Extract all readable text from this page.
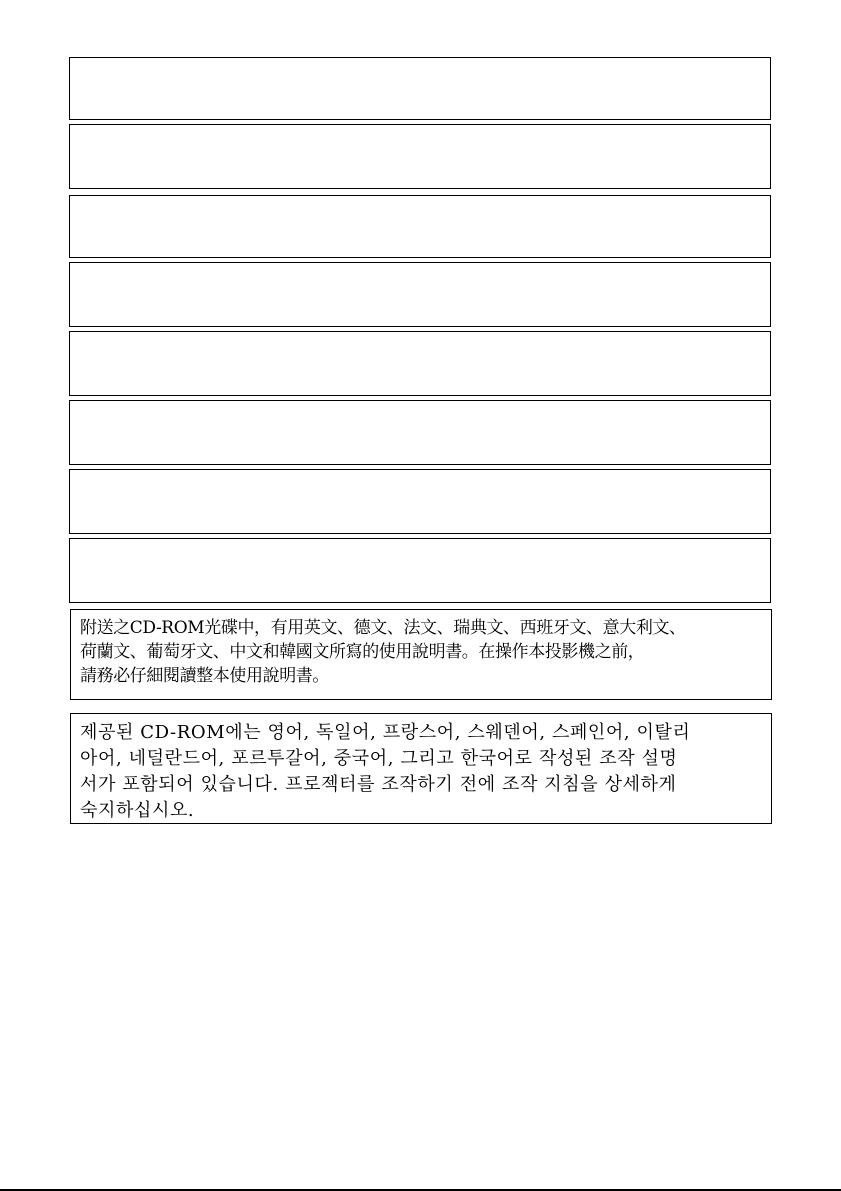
附送之CD-ROM光碟中，有用英文、德文、法文、瑞典文、西班牙文、意大利文、
荷蘭文、葡萄牙文、中文和韓國文所寫的使用說明書。在操作本投影機之前，
請務必仔細閱讀整本使用說明書。
제공된 CD-ROM에는 영어, 독일어, 프랑스어, 스웨덴어, 스페인어, 이탈리
아어, 네덜란드어, 포르투갈어, 중국어, 그리고 한국어로 작성된 조작 설명
서가 포함되어 있습니다. 프로젝터를 조작하기 전에 조작 지침을 상세하게
숙지하십시오.
